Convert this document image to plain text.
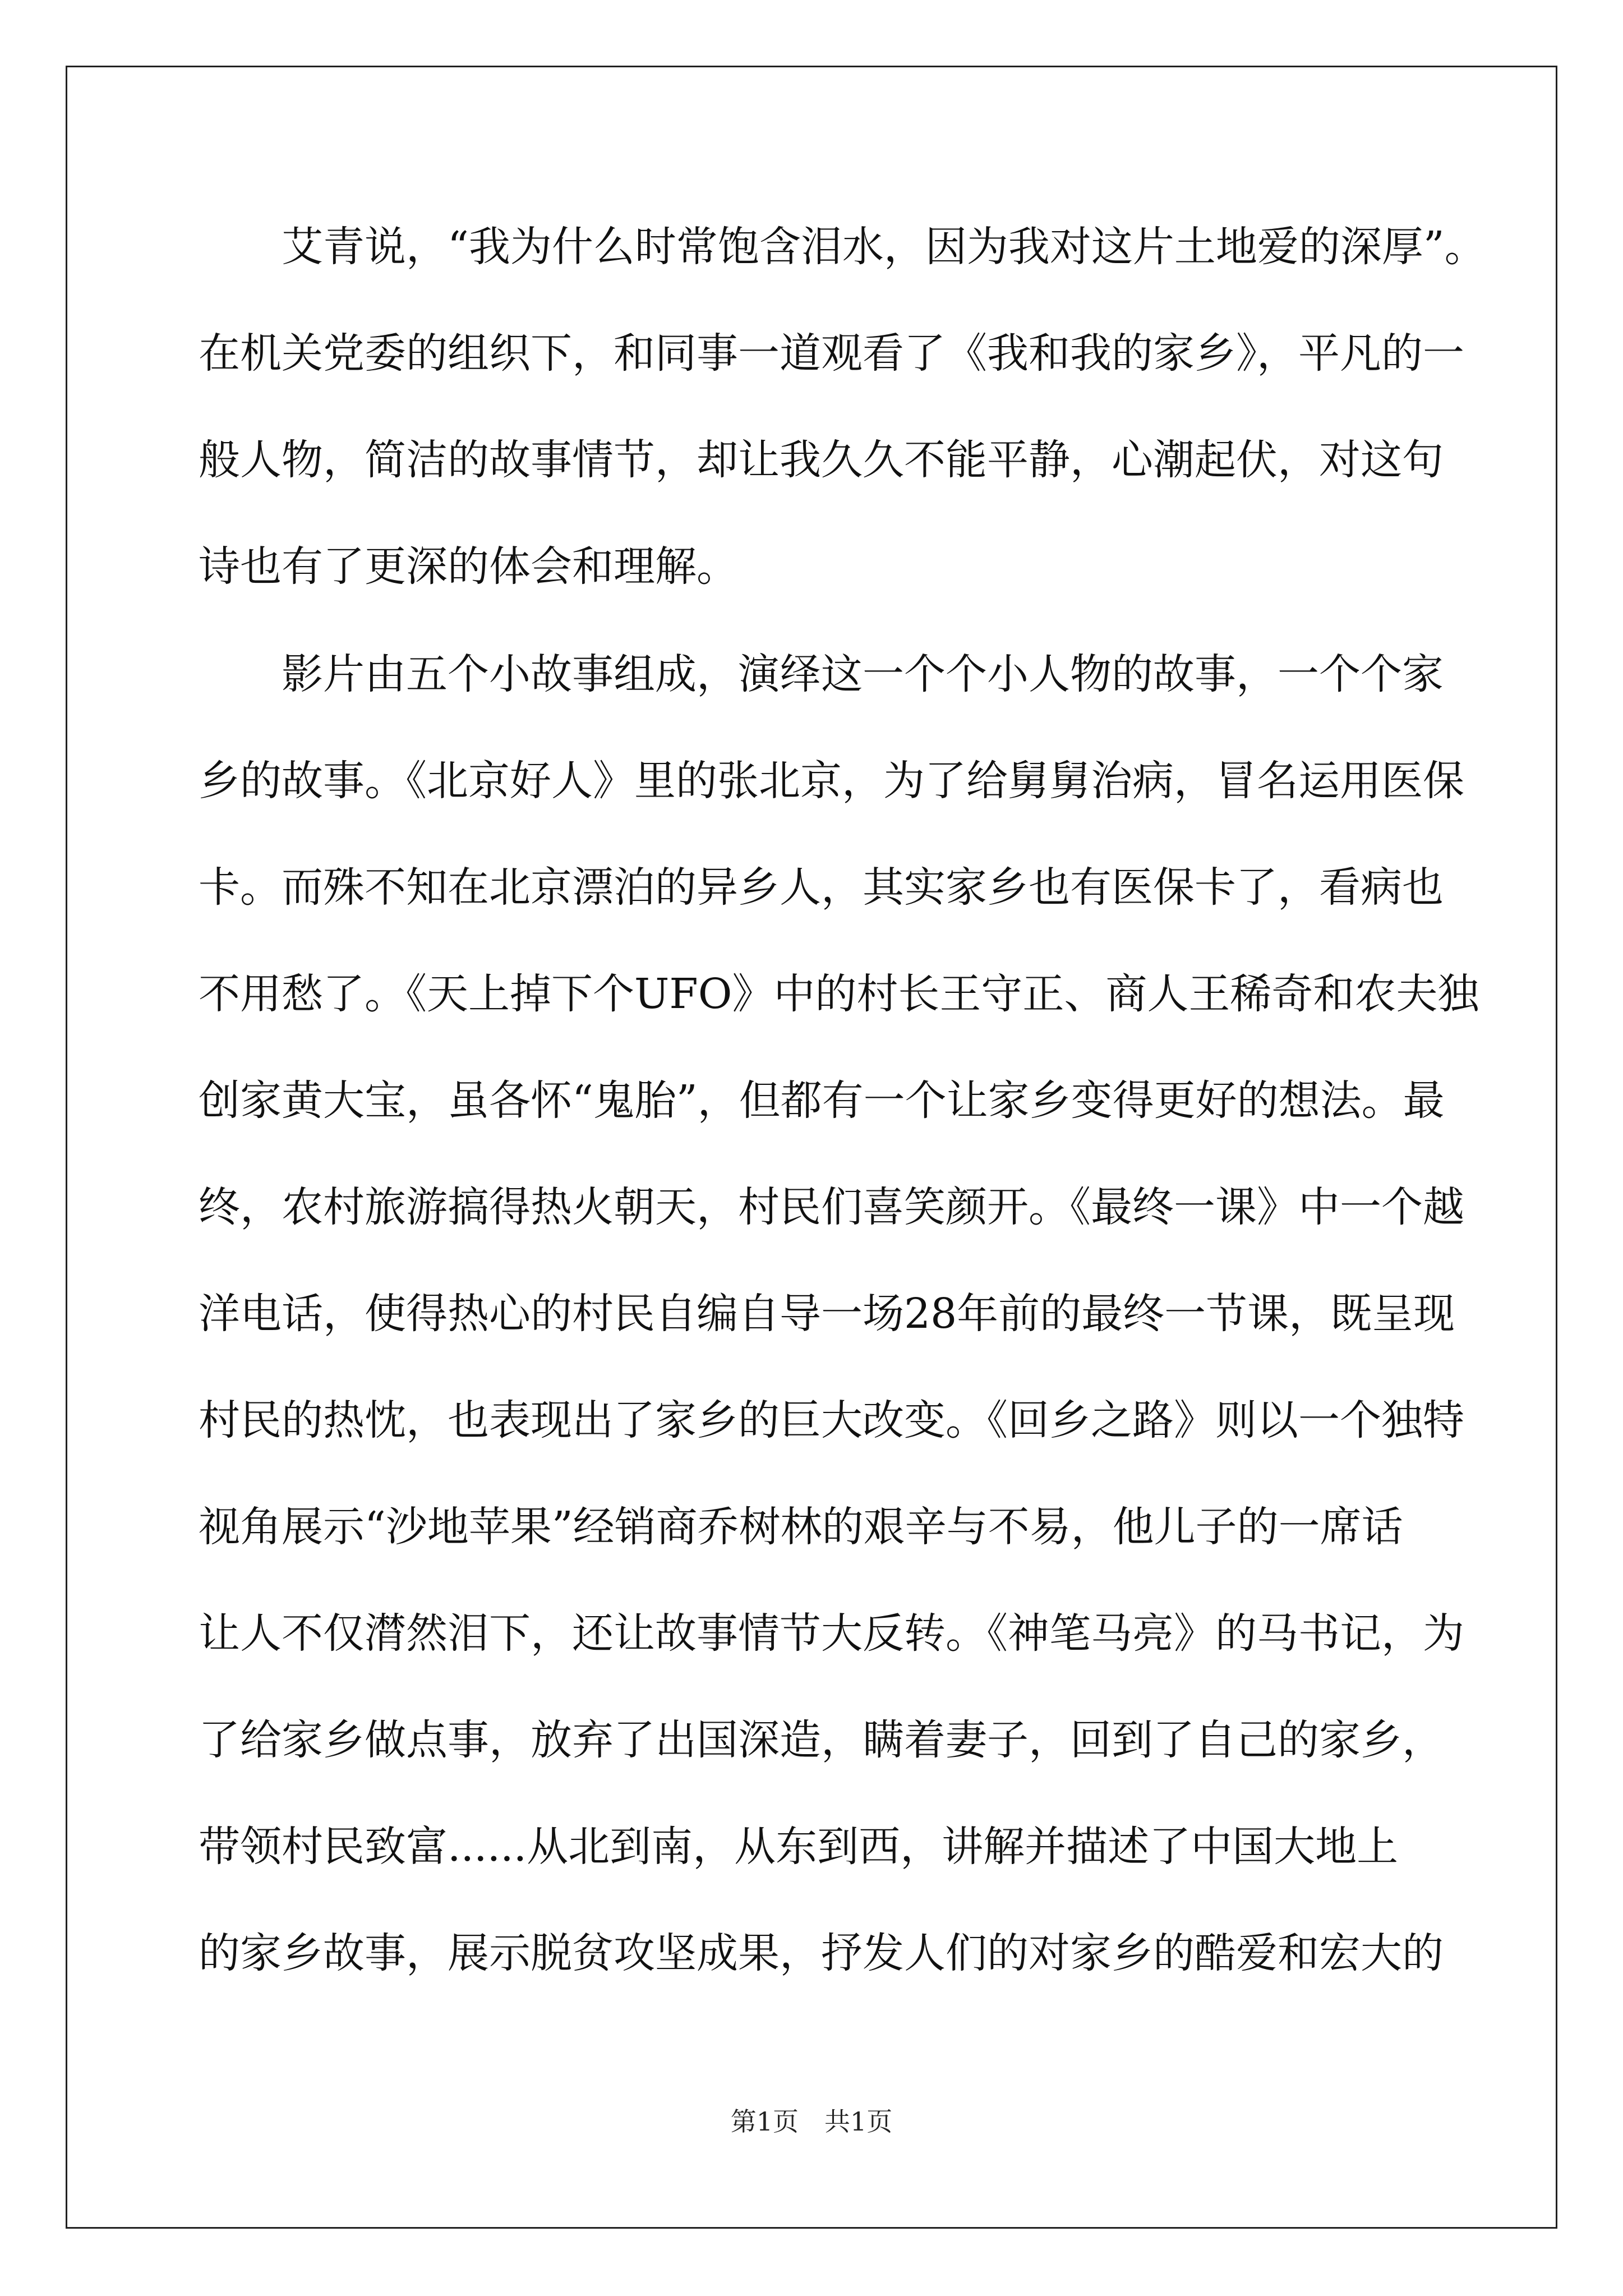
　　艾青说，“我为什么时常饱含泪水，因为我对这片土地爱的深厚”。
在机关党委的组织下，和同事一道观看了《我和我的家乡》，平凡的一
般人物，简洁的故事情节，却让我久久不能平静，心潮起伏，对这句
诗也有了更深的体会和理解。
　　影片由五个小故事组成，演绎这一个个小人物的故事，一个个家
乡的故事。《北京好人》里的张北京，为了给舅舅治病，冒名运用医保
卡。而殊不知在北京漂泊的异乡人，其实家乡也有医保卡了，看病也
不用愁了。《天上掉下个UFO》中的村长王守正、商人王稀奇和农夫独
创家黄大宝，虽各怀“鬼胎”，但都有一个让家乡变得更好的想法。最
终，农村旅游搞得热火朝天，村民们喜笑颜开。《最终一课》中一个越
洋电话，使得热心的村民自编自导一场28年前的最终一节课，既呈现
村民的热忱，也表现出了家乡的巨大改变。《回乡之路》则以一个独特
视角展示“沙地苹果”经销商乔树林的艰辛与不易，他儿子的一席话
让人不仅潸然泪下，还让故事情节大反转。《神笔马亮》的马书记，为
了给家乡做点事，放弃了出国深造，瞒着妻子，回到了自己的家乡，
带领村民致富......从北到南，从东到西，讲解并描述了中国大地上
的家乡故事，展示脱贫攻坚成果，抒发人们的对家乡的酷爱和宏大的
第1页　共1页
